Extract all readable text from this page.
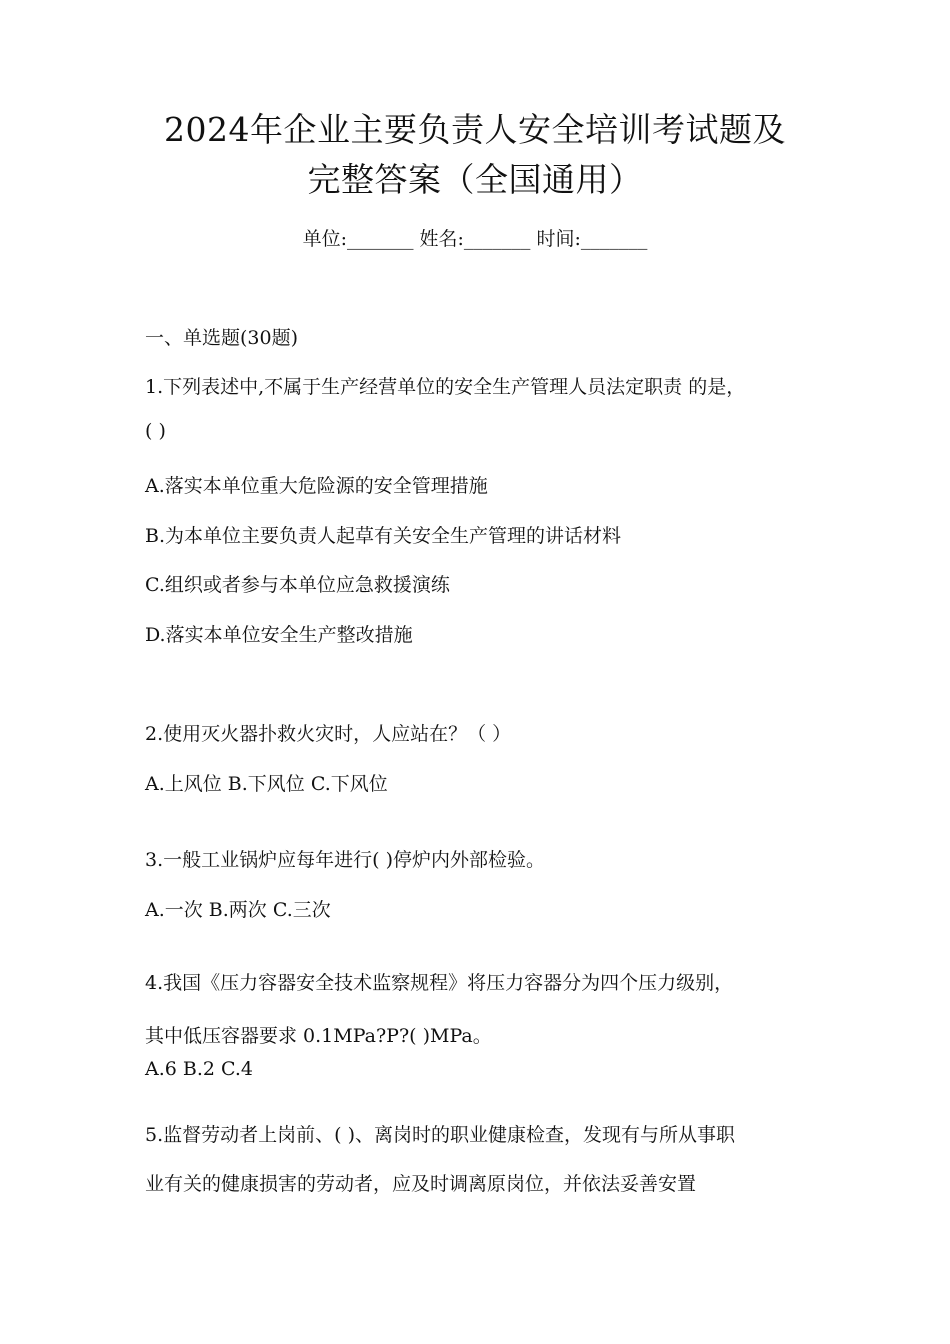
2024年企业主要负责人安全培训考试题及
完整答案（全国通用）
单位:_______ 姓名:_______ 时间:_______
一、单选题(30题)
1.下列表述中,不属于生产经营单位的安全生产管理人员法定职责 的是，
( )
A.落实本单位重大危险源的安全管理措施
B.为本单位主要负责人起草有关安全生产管理的讲话材料
C.组织或者参与本单位应急救援演练
D.落实本单位安全生产整改措施
2.使用灭火器扑救火灾时，人应站在？（ ）
A.上风位 B.下风位 C.下风位
3.一般工业锅炉应每年进行( )停炉内外部检验。
A.一次 B.两次 C.三次
4.我国《压力容器安全技术监察规程》将压力容器分为四个压力级别，
其中低压容器要求 0.1MPa?P?( )MPa。
A.6 B.2 C.4
5.监督劳动者上岗前、( )、离岗时的职业健康检查，发现有与所从事职
业有关的健康损害的劳动者，应及时调离原岗位，并依法妥善安置
